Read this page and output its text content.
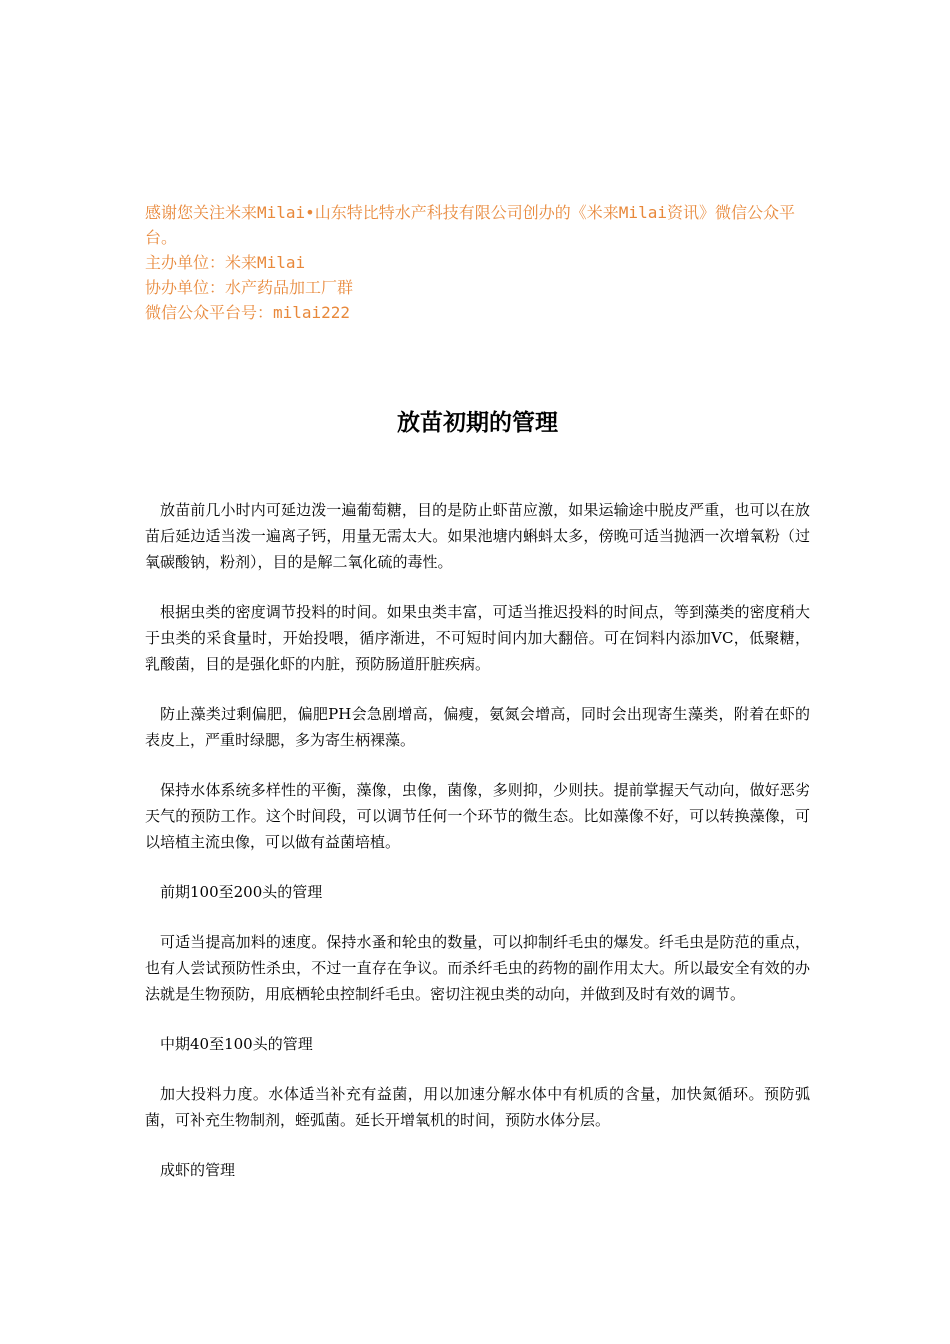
感谢您关注米来Milai•山东特比特水产科技有限公司创办的《米来Milai资讯》微信公众平台。

主办单位：米来Milai

协办单位：水产药品加工厂群

微信公众平台号：milai222

放苗初期的管理

放苗前几小时内可延边泼一遍葡萄糖，目的是防止虾苗应激，如果运输途中脱皮严重，也可以在放苗后延边适当泼一遍离子钙，用量无需太大。如果池塘内蝌蚪太多，傍晚可适当抛洒一次增氧粉（过氧碳酸钠，粉剂），目的是解二氧化硫的毒性。

根据虫类的密度调节投料的时间。如果虫类丰富，可适当推迟投料的时间点，等到藻类的密度稍大于虫类的采食量时，开始投喂，循序渐进，不可短时间内加大翻倍。可在饲料内添加VC，低聚糖，乳酸菌，目的是强化虾的内脏，预防肠道肝脏疾病。

防止藻类过剩偏肥，偏肥PH会急剧增高，偏瘦，氨氮会增高，同时会出现寄生藻类，附着在虾的表皮上，严重时绿腮，多为寄生柄裸藻。

保持水体系统多样性的平衡，藻像，虫像，菌像，多则抑，少则扶。提前掌握天气动向，做好恶劣天气的预防工作。这个时间段，可以调节任何一个环节的微生态。比如藻像不好，可以转换藻像，可以培植主流虫像，可以做有益菌培植。

前期100至200头的管理

可适当提高加料的速度。保持水蚤和轮虫的数量，可以抑制纤毛虫的爆发。纤毛虫是防范的重点，也有人尝试预防性杀虫，不过一直存在争议。而杀纤毛虫的药物的副作用太大。所以最安全有效的办法就是生物预防，用底栖轮虫控制纤毛虫。密切注视虫类的动向，并做到及时有效的调节。

中期40至100头的管理

加大投料力度。水体适当补充有益菌，用以加速分解水体中有机质的含量，加快氮循环。预防弧菌，可补充生物制剂，蛭弧菌。延长开增氧机的时间，预防水体分层。

成虾的管理
